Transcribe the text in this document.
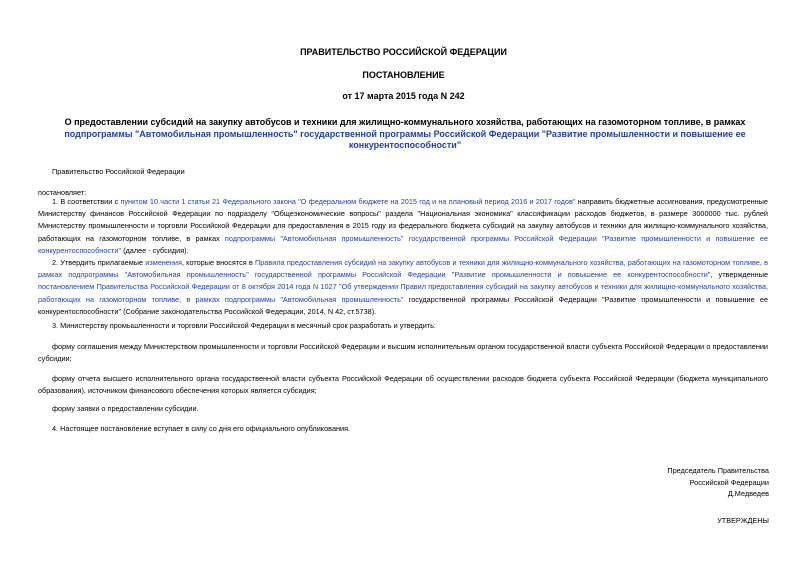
ПРАВИТЕЛЬСТВО РОССИЙСКОЙ ФЕДЕРАЦИИ
ПОСТАНОВЛЕНИЕ
от 17 марта 2015 года N 242
О предоставлении субсидий на закупку автобусов и техники для жилищно-коммунального хозяйства, работающих на газомоторном топливе, в рамках подпрограммы "Автомобильная промышленность" государственной программы Российской Федерации "Развитие промышленности и повышение ее конкурентоспособности"
Правительство Российской Федерации
постановляет:
1. В соответствии с пунктом 10 части 1 статьи 21 Федерального закона "О федеральном бюджете на 2015 год и на плановый период 2016 и 2017 годов" направить бюджетные ассигнования, предусмотренные Министерству финансов Российской Федерации по подразделу "Общеэкономические вопросы" раздела "Национальная экономика" классификации расходов бюджетов, в размере 3000000 тыс. рублей Министерству промышленности и торговли Российской Федерации для предоставления в 2015 году из федерального бюджета субсидий на закупку автобусов и техники для жилищно-коммунального хозяйства, работающих на газомоторном топливе, в рамках подпрограммы "Автомобильная промышленность" государственной программы Российской Федерации "Развитие промышленности и повышение ее конкурентоспособности" (далее - субсидия).
2. Утвердить прилагаемые изменения, которые вносятся в Правила предоставления субсидий на закупку автобусов и техники для жилищно-коммунального хозяйства, работающих на газомоторном топливе, в рамках подпрограммы "Автомобильная промышленность" государственной программы Российской Федерации "Развитие промышленности и повышение ее конкурентоспособности", утвержденные постановлением Правительства Российской Федерации от 8 октября 2014 года N 1027 "Об утверждении Правил предоставления субсидий на закупку автобусов и техники для жилищно-коммунального хозяйства, работающих на газомоторном топливе, в рамках подпрограммы "Автомобильная промышленность" государственной программы Российской Федерации "Развитие промышленности и повышение ее конкурентоспособности" (Собрание законодательства Российской Федерации, 2014, N 42, ст.5738).
3. Министерству промышленности и торговли Российской Федерации в месячный срок разработать и утвердить:
форму соглашения между Министерством промышленности и торговли Российской Федерации и высшим исполнительным органом государственной власти субъекта Российской Федерации о предоставлении субсидии;
форму отчета высшего исполнительного органа государственной власти субъекта Российской Федерации об осуществлении расходов бюджета субъекта Российской Федерации (бюджета муниципального образования), источником финансового обеспечения которых является субсидия;
форму заявки о предоставлении субсидии.
4. Настоящее постановление вступает в силу со дня его официального опубликования.
Председатель Правительства
Российской Федерации
Д.Медведев
УТВЕРЖДЕНЫ
